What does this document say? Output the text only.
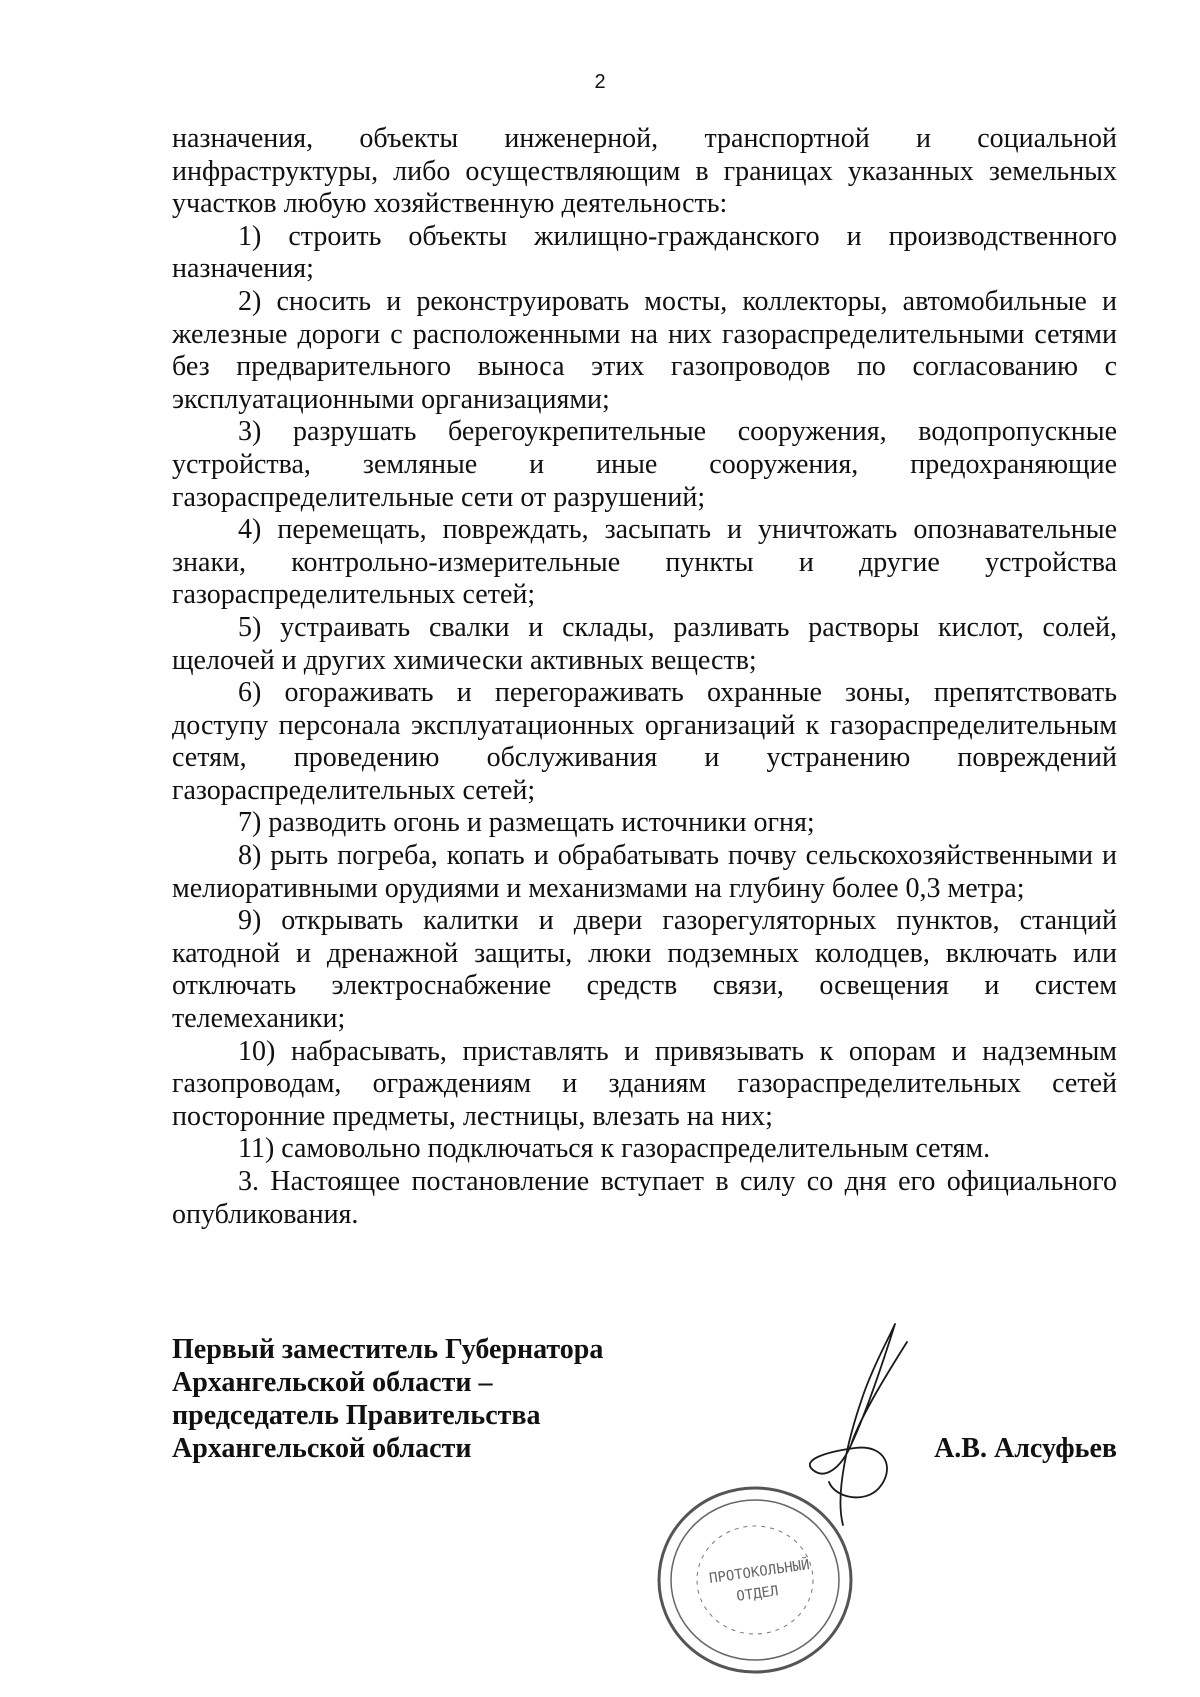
2

назначения, объекты инженерной, транспортной и социальной инфраструктуры, либо осуществляющим в границах указанных земельных участков любую хозяйственную деятельность:

1) строить объекты жилищно-гражданского и производственного назначения;

2) сносить и реконструировать мосты, коллекторы, автомобильные и железные дороги с расположенными на них газораспределительными сетями без предварительного выноса этих газопроводов по согласованию с эксплуатационными организациями;

3) разрушать берегоукрепительные сооружения, водопропускные устройства, земляные и иные сооружения, предохраняющие газораспределительные сети от разрушений;

4) перемещать, повреждать, засыпать и уничтожать опознавательные знаки, контрольно-измерительные пункты и другие устройства газораспределительных сетей;

5) устраивать свалки и склады, разливать растворы кислот, солей, щелочей и других химически активных веществ;

6) огораживать и перегораживать охранные зоны, препятствовать доступу персонала эксплуатационных организаций к газораспределительным сетям, проведению обслуживания и устранению повреждений газораспределительных сетей;

7) разводить огонь и размещать источники огня;

8) рыть погреба, копать и обрабатывать почву сельскохозяйственными и мелиоративными орудиями и механизмами на глубину более 0,3 метра;

9) открывать калитки и двери газорегуляторных пунктов, станций катодной и дренажной защиты, люки подземных колодцев, включать или отключать электроснабжение средств связи, освещения и систем телемеханики;

10) набрасывать, приставлять и привязывать к опорам и надземным газопроводам, ограждениям и зданиям газораспределительных сетей посторонние предметы, лестницы, влезать на них;

11) самовольно подключаться к газораспределительным сетям.

3. Настоящее постановление вступает в силу со дня его официального опубликования.

Первый заместитель Губернатора
Архангельской области –
председатель Правительства
Архангельской области	А.В. Алсуфьев
ПРОТОКОЛЬНЫЙ
ОТДЕЛ
